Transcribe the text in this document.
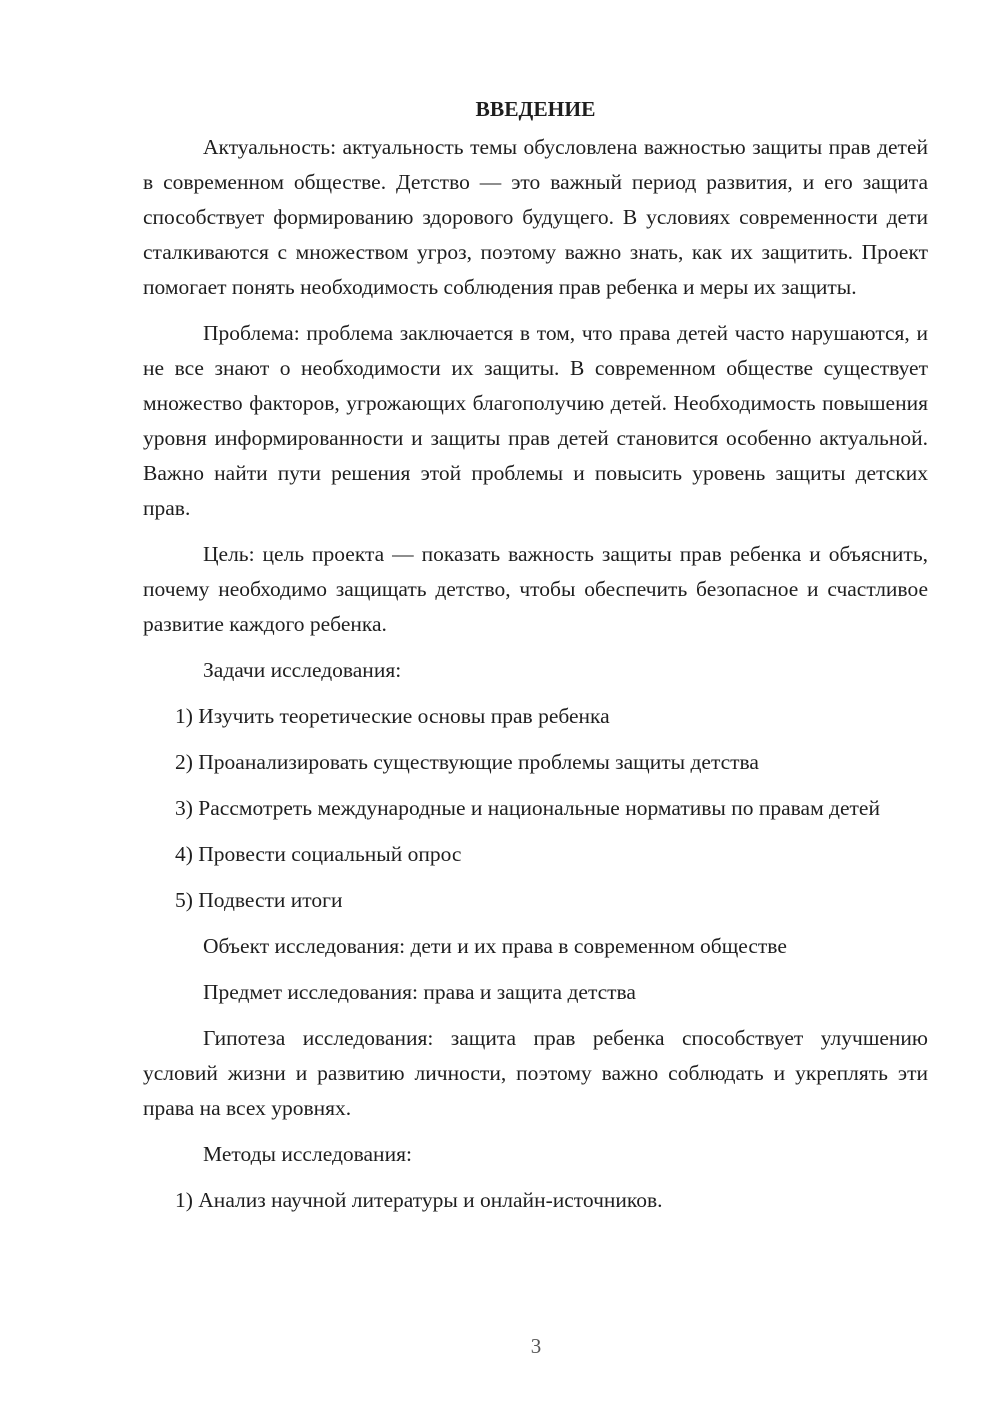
ВВЕДЕНИЕ

Актуальность: актуальность темы обусловлена важностью защиты прав детей в современном обществе. Детство — это важный период развития, и его защита способствует формированию здорового будущего. В условиях современности дети сталкиваются с множеством угроз, поэтому важно знать, как их защитить. Проект помогает понять необходимость соблюдения прав ребенка и меры их защиты.

Проблема: проблема заключается в том, что права детей часто нарушаются, и не все знают о необходимости их защиты. В современном обществе существует множество факторов, угрожающих благополучию детей. Необходимость повышения уровня информированности и защиты прав детей становится особенно актуальной. Важно найти пути решения этой проблемы и повысить уровень защиты детских прав.

Цель: цель проекта — показать важность защиты прав ребенка и объяснить, почему необходимо защищать детство, чтобы обеспечить безопасное и счастливое развитие каждого ребенка.

Задачи исследования:

1) Изучить теоретические основы прав ребенка

2) Проанализировать существующие проблемы защиты детства

3) Рассмотреть международные и национальные нормативы по правам детей

4) Провести социальный опрос

5) Подвести итоги

Объект исследования: дети и их права в современном обществе

Предмет исследования: права и защита детства

Гипотеза исследования: защита прав ребенка способствует улучшению условий жизни и развитию личности, поэтому важно соблюдать и укреплять эти права на всех уровнях.

Методы исследования:

1) Анализ научной литературы и онлайн-источников.

3
